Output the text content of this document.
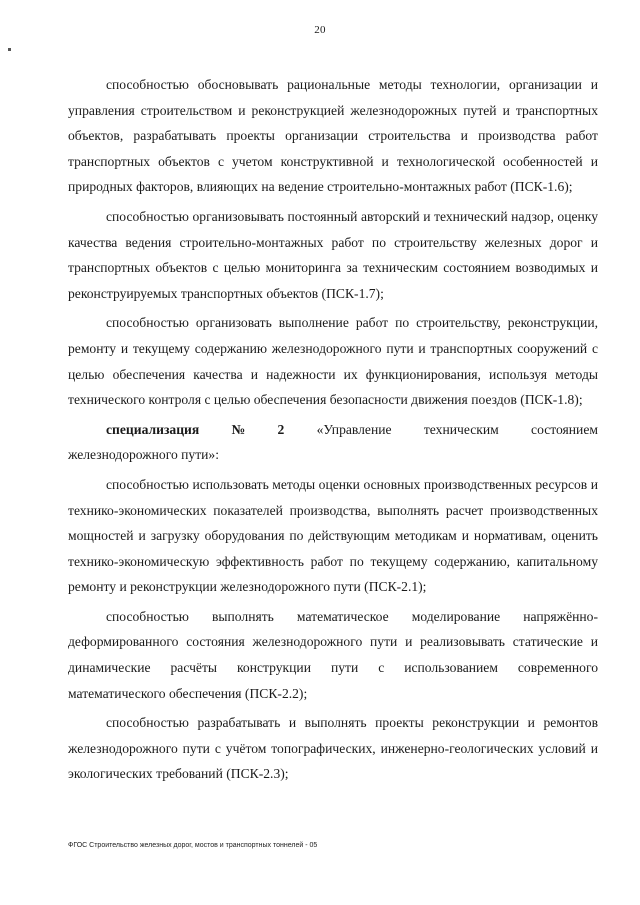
20

способностью обосновывать рациональные методы технологии, организации и управления строительством и реконструкцией железнодорожных путей и транспортных объектов, разрабатывать проекты организации строительства и производства работ транспортных объектов с учетом конструктивной и технологической особенностей и природных факторов, влияющих на ведение строительно-монтажных работ (ПСК-1.6);

способностью организовывать постоянный авторский и технический надзор, оценку качества ведения строительно-монтажных работ по строительству железных дорог и транспортных объектов с целью мониторинга за техническим состоянием возводимых и реконструируемых транспортных объектов (ПСК-1.7);

способностью организовать выполнение работ по строительству, реконструкции, ремонту и текущему содержанию железнодорожного пути и транспортных сооружений с целью обеспечения качества и надежности их функционирования, используя методы технического контроля с целью обеспечения безопасности движения поездов (ПСК-1.8);

специализация № 2 «Управление техническим состоянием

железнодорожного пути»:

способностью использовать методы оценки основных производственных ресурсов и технико-экономических показателей производства, выполнять расчет производственных мощностей и загрузку оборудования по действующим методикам и нормативам, оценить технико-экономическую эффективность работ по текущему содержанию, капитальному ремонту и реконструкции железнодорожного пути (ПСК-2.1);

способностью выполнять математическое моделирование напряжённо-деформированного состояния железнодорожного пути и реализовывать статические и динамические расчёты конструкции пути с использованием современного математического обеспечения (ПСК-2.2);

способностью разрабатывать и выполнять проекты реконструкции и ремонтов железнодорожного пути с учётом топографических, инженерно-геологических условий и экологических требований (ПСК-2.3);

ФГОС Строительство железных дорог, мостов и транспортных тоннелей - 05
